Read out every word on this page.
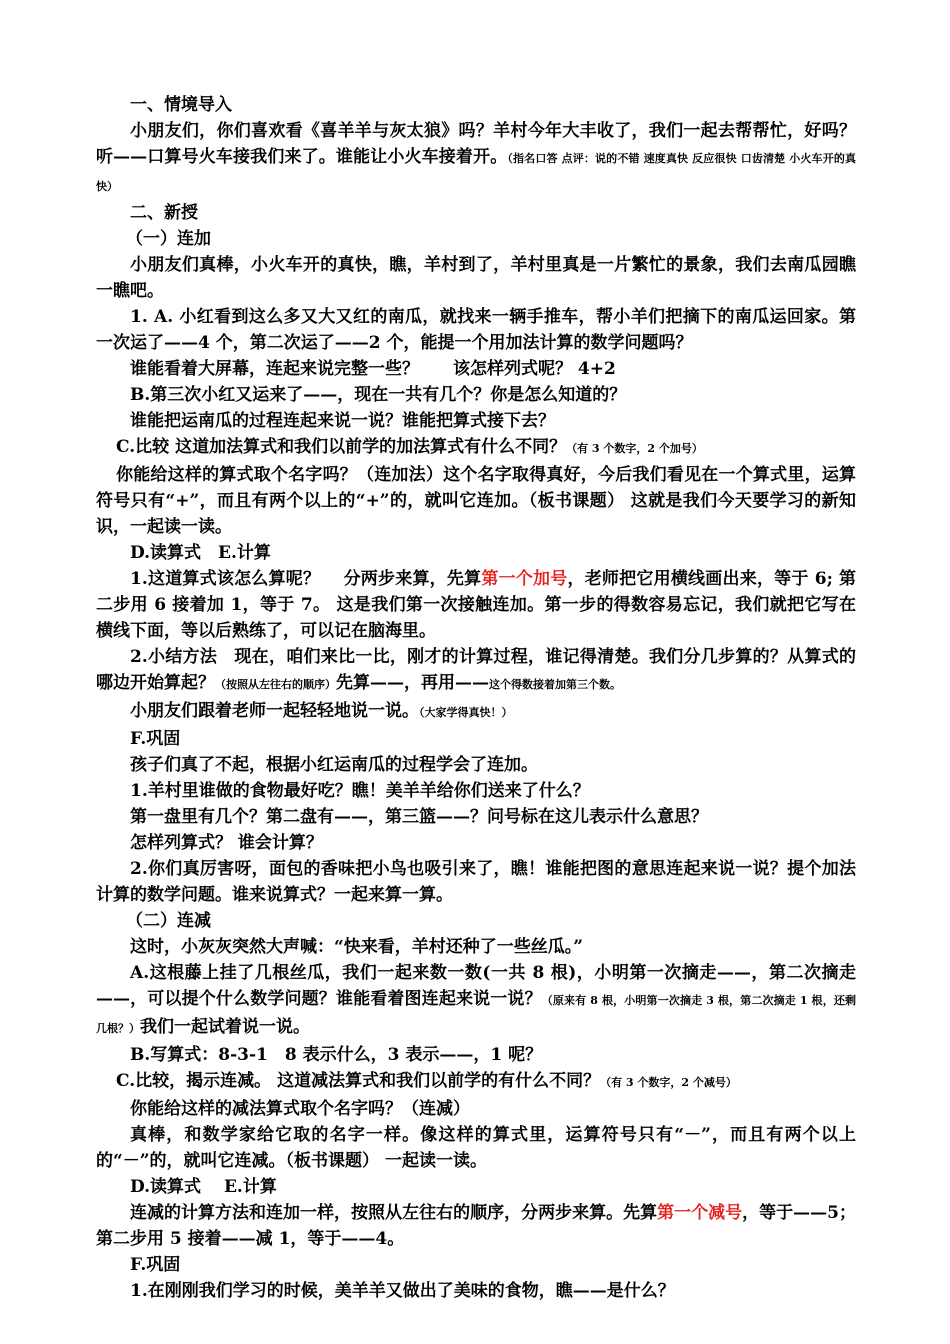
一、情境导入

小朋友们，你们喜欢看《喜羊羊与灰太狼》吗？羊村今年大丰收了，我们一起去帮帮忙，好吗？ 听——口算号火车接我们来了。谁能让小火车接着开。（指名口答 点评：说的不错 速度真快 反应很快 口齿清楚 小火车开的真快）

二、新授

（一）连加

小朋友们真棒，小火车开的真快，瞧，羊村到了，羊村里真是一片繁忙的景象，我们去南瓜园瞧一瞧吧。

1. A. 小红看到这么多又大又红的南瓜，就找来一辆手推车，帮小羊们把摘下的南瓜运回家。第一次运了——4 个，第二次运了——2 个，能提一个用加法计算的数学问题吗？

谁能看着大屏幕，连起来说完整一些？　　该怎样列式呢？ 4+2

B.第三次小红又运来了——，现在一共有几个？你是怎么知道的？

谁能把运南瓜的过程连起来说一说？谁能把算式接下去？

C.比较 这道加法算式和我们以前学的加法算式有什么不同？（有 3 个数字，2 个加号）

你能给这样的算式取个名字吗？（连加法）这个名字取得真好，今后我们看见在一个算式里，运算符号只有“+”，而且有两个以上的“+”的，就叫它连加。（板书课题） 这就是我们今天要学习的新知识，一起读一读。

D.读算式　E.计算

1.这道算式该怎么算呢？　 分两步来算，先算第一个加号，老师把它用横线画出来，等于 6; 第二步用 6 接着加 1，等于 7。 这是我们第一次接触连加。第一步的得数容易忘记，我们就把它写在横线下面，等以后熟练了，可以记在脑海里。

2.小结方法　现在，咱们来比一比，刚才的计算过程，谁记得清楚。我们分几步算的？从算式的哪边开始算起？（按照从左往右的顺序）先算——，再用——这个得数接着加第三个数。

小朋友们跟着老师一起轻轻地说一说。（大家学得真快！）

F.巩固

孩子们真了不起，根据小红运南瓜的过程学会了连加。

1.羊村里谁做的食物最好吃？瞧！美羊羊给你们送来了什么？

第一盘里有几个？第二盘有——，第三篮——？问号标在这儿表示什么意思？

怎样列算式？ 谁会计算？

2.你们真厉害呀，面包的香味把小鸟也吸引来了，瞧！谁能把图的意思连起来说一说？提个加法计算的数学问题。谁来说算式？一起来算一算。

（二）连减

这时，小灰灰突然大声喊：“快来看，羊村还种了一些丝瓜。”

A.这根藤上挂了几根丝瓜，我们一起来数一数(一共 8 根)，小明第一次摘走——，第二次摘走——，可以提个什么数学问题？谁能看着图连起来说一说？（原来有 8 根，小明第一次摘走 3 根，第二次摘走 1 根，还剩几根？）我们一起试着说一说。

B.写算式：8-3-1　8 表示什么，3 表示——，1 呢？

C.比较，揭示连减。 这道减法算式和我们以前学的有什么不同？（有 3 个数字，2 个减号）

你能给这样的减法算式取个名字吗？（连减）

真棒，和数学家给它取的名字一样。像这样的算式里，运算符号只有“－”，而且有两个以上的“－”的，就叫它连减。（板书课题） 一起读一读。

D.读算式　 E.计算

连减的计算方法和连加一样，按照从左往右的顺序，分两步来算。先算第一个减号，等于——5；第二步用 5 接着——减 1，等于——4。

F.巩固

1.在刚刚我们学习的时候，美羊羊又做出了美味的食物，瞧——是什么？
